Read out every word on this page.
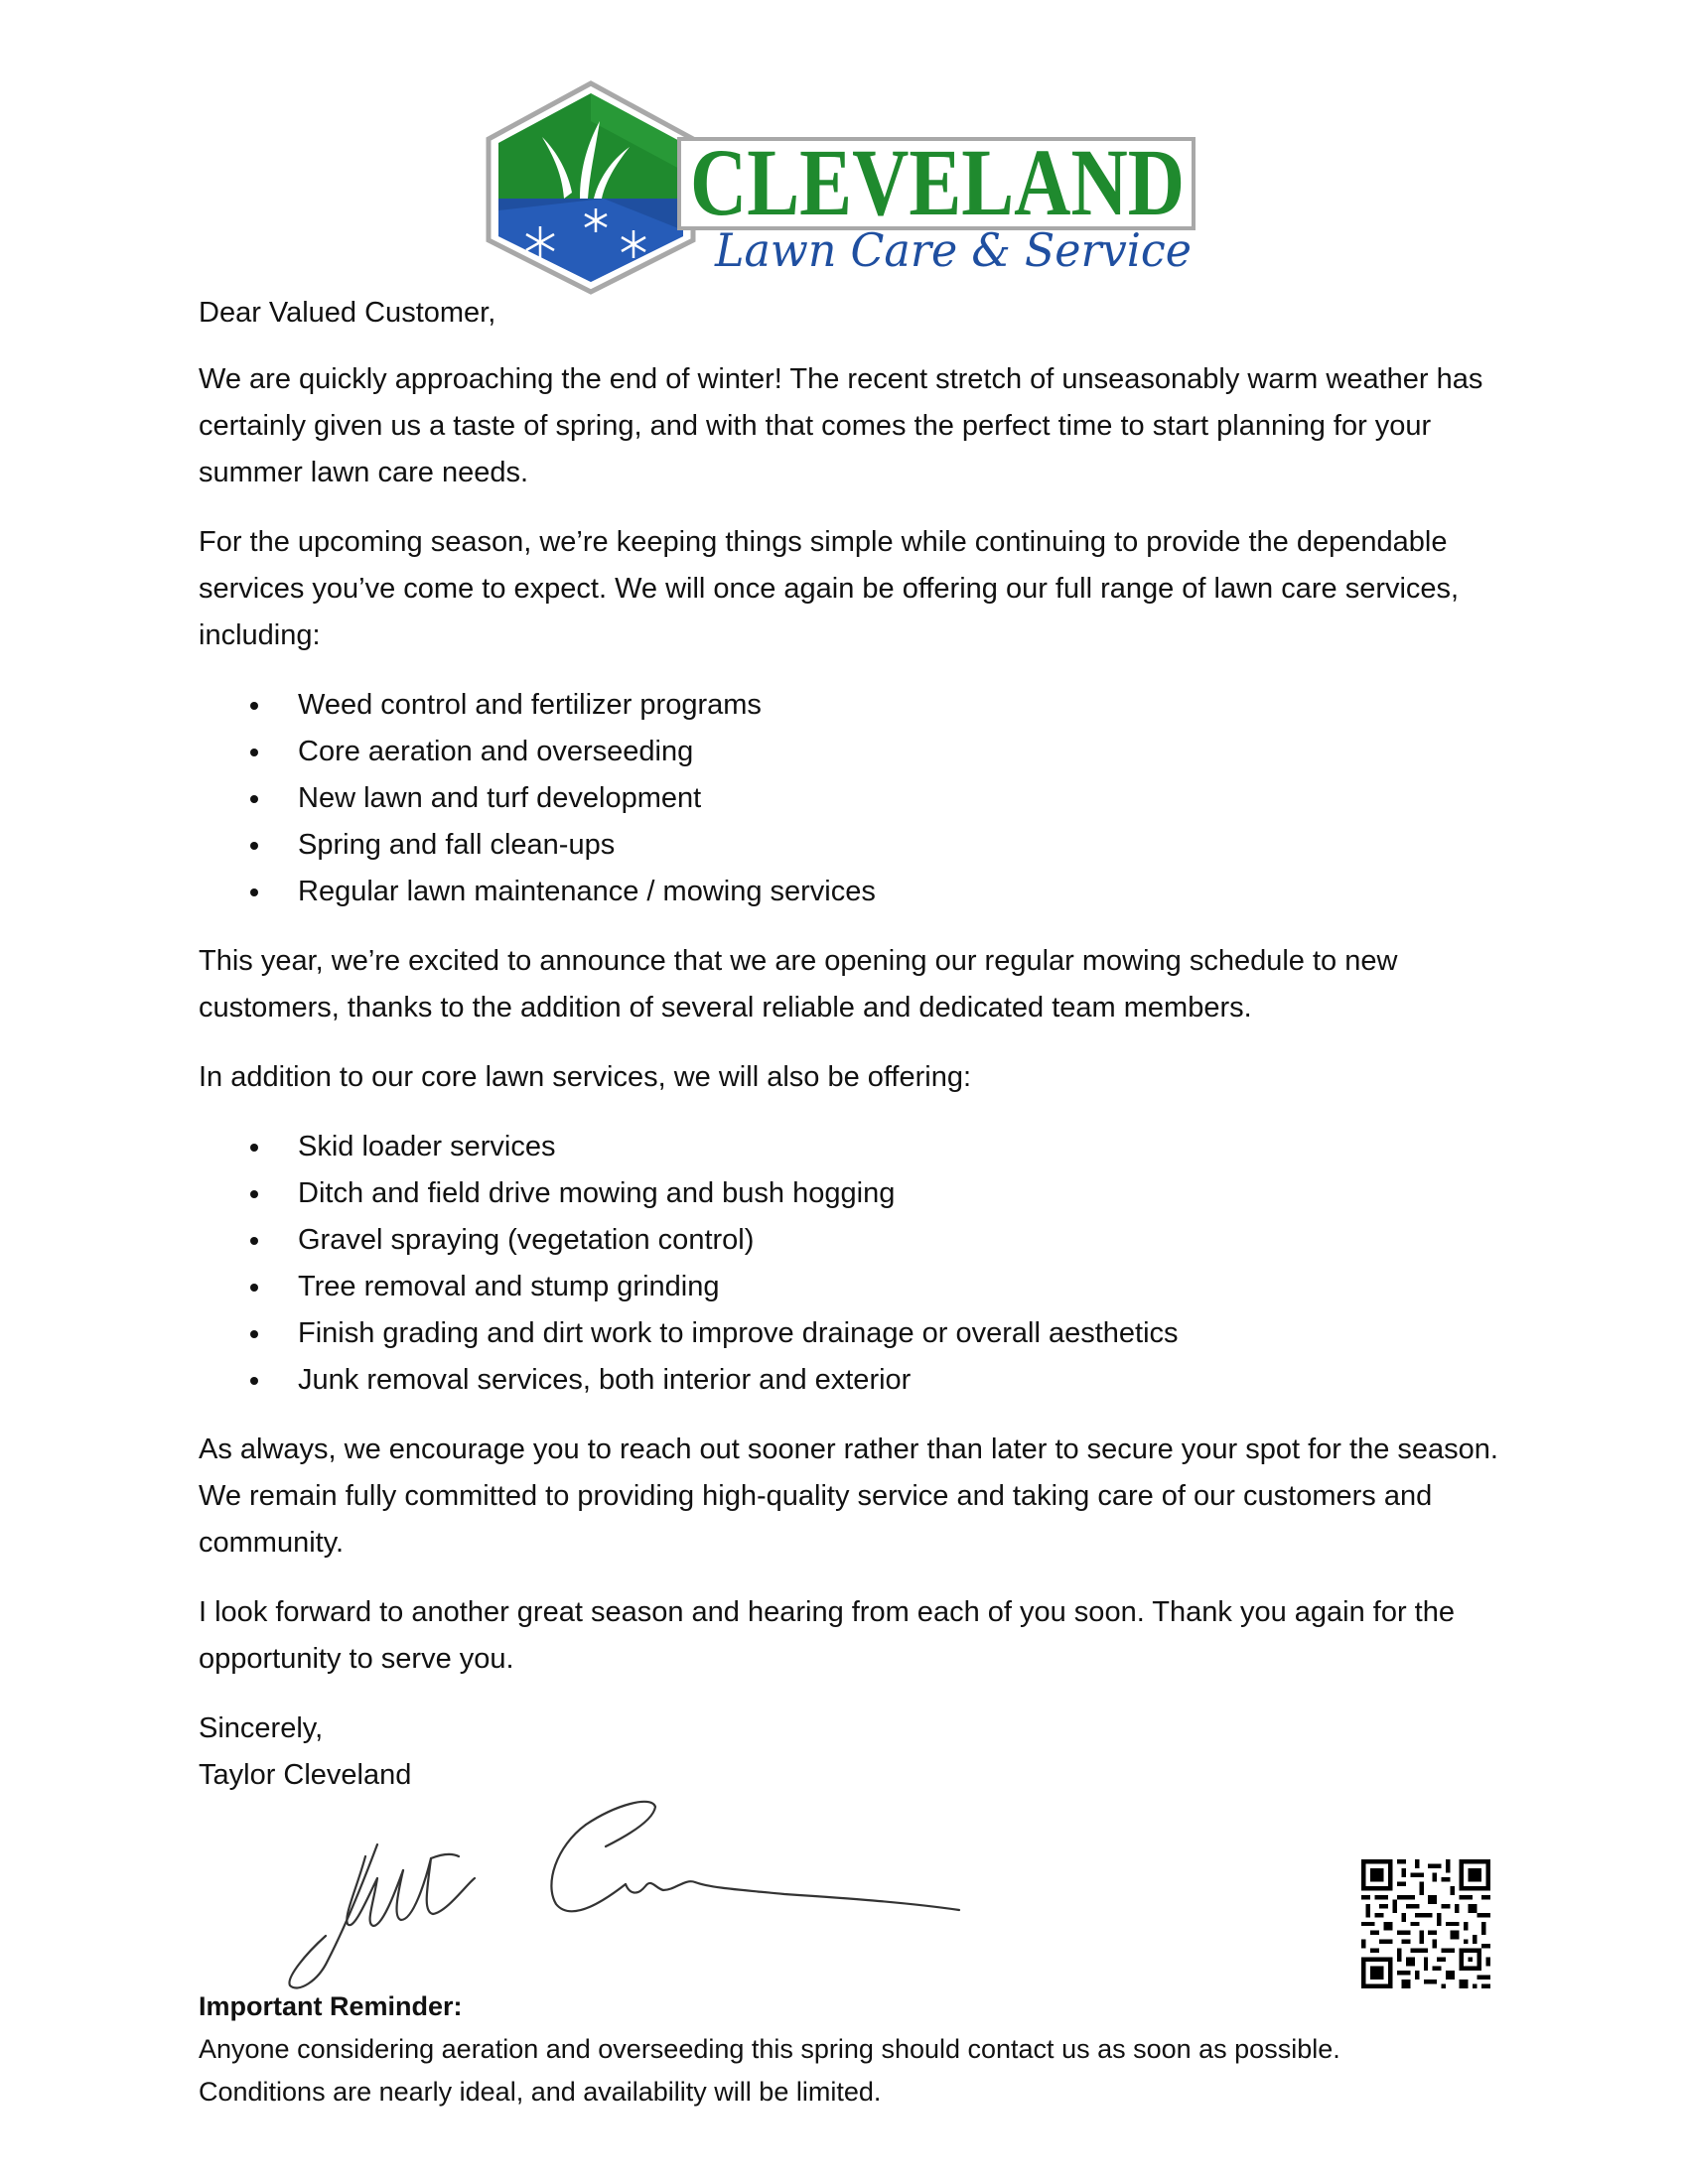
CLEVELAND
Lawn Care & Service

Dear Valued Customer,

We are quickly approaching the end of winter! The recent stretch of unseasonably warm weather has certainly given us a taste of spring, and with that comes the perfect time to start planning for your summer lawn care needs.

For the upcoming season, we’re keeping things simple while continuing to provide the dependable services you’ve come to expect. We will once again be offering our full range of lawn care services, including:

Weed control and fertilizer programs
Core aeration and overseeding
New lawn and turf development
Spring and fall clean-ups
Regular lawn maintenance / mowing services

This year, we’re excited to announce that we are opening our regular mowing schedule to new customers, thanks to the addition of several reliable and dedicated team members.

In addition to our core lawn services, we will also be offering:

Skid loader services
Ditch and field drive mowing and bush hogging
Gravel spraying (vegetation control)
Tree removal and stump grinding
Finish grading and dirt work to improve drainage or overall aesthetics
Junk removal services, both interior and exterior

As always, we encourage you to reach out sooner rather than later to secure your spot for the season. We remain fully committed to providing high-quality service and taking care of our customers and community.

I look forward to another great season and hearing from each of you soon. Thank you again for the opportunity to serve you.

Sincerely,
Taylor Cleveland
Important Reminder:
Anyone considering aeration and overseeding this spring should contact us as soon as possible.
Conditions are nearly ideal, and availability will be limited.
